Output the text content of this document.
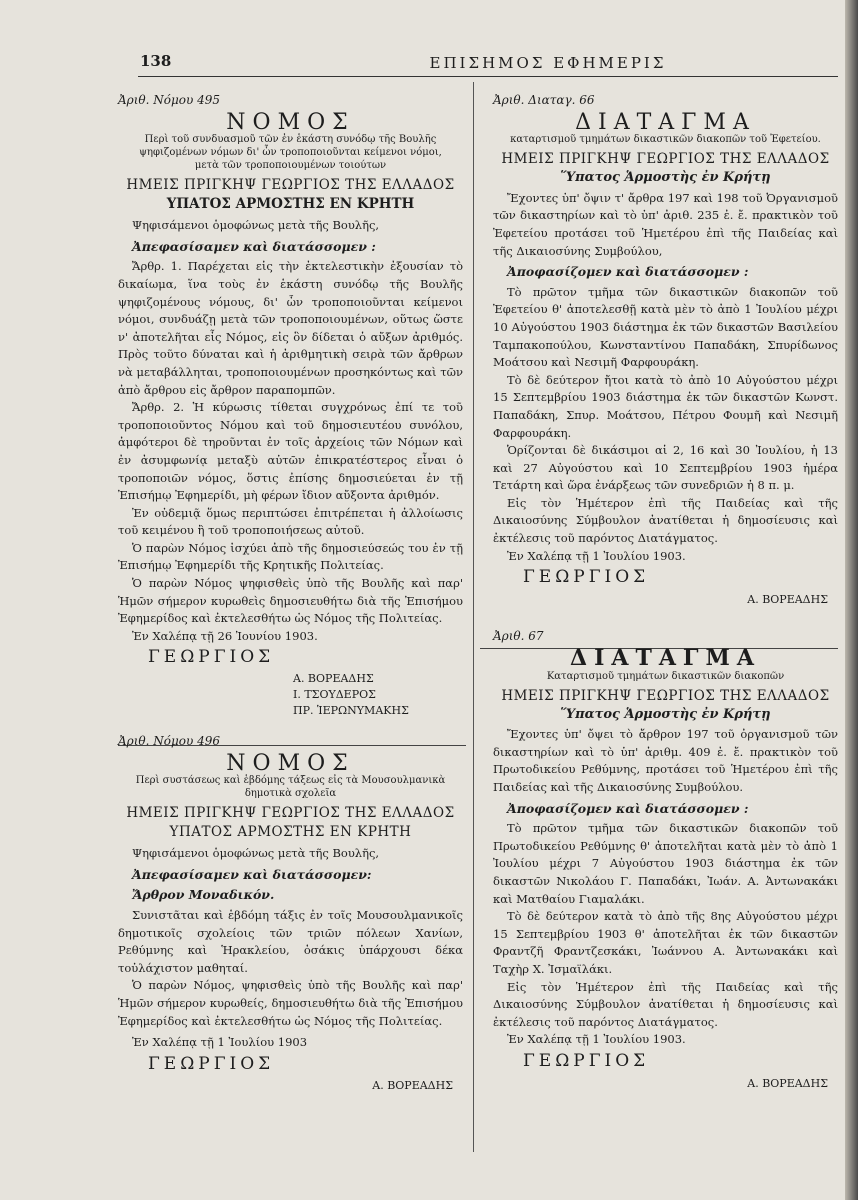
138	ΕΠΙΣΗΜΟΣ ΕΦΗΜΕΡΙΣ

Ἀριθ. Νόμου 495

ΝΟΜΟΣ
Περὶ τοῦ συνδυασμοῦ τῶν ἐν ἑκάστη συνόδῳ τῆς Βουλῆς ψηφιζομένων νόμων δι' ὧν τροποποιοῦνται κείμενοι νόμοι, μετὰ τῶν τροποποιουμένων τοιούτων

ΗΜΕΙΣ ΠΡΙΓΚΗΨ ΓΕΩΡΓΙΟΣ ΤΗΣ ΕΛΛΑΔΟΣ

ΥΠΑΤΟΣ ΑΡΜΟΣΤΗΣ ΕΝ ΚΡΗΤΗ

Ψηφισάμενοι ὁμοφώνως μετὰ τῆς Βουλῆς,

Ἀπεφασίσαμεν καὶ διατάσσομεν :

Ἄρθρ. 1. Παρέχεται εἰς τὴν ἐκτελεστικὴν ἐξουσίαν τὸ δικαίωμα, ἵνα τοὺς ἐν ἑκάστη συνόδῳ τῆς Βουλῆς ψηφιζομένους νόμους, δι' ὧν τροποποιοῦνται κείμενοι νόμοι, συνδυάζῃ μετὰ τῶν τροποποιουμένων, οὕτως ὥστε ν' ἀποτελῆται εἷς Νόμος, εἰς ὃν δίδεται ὁ αὔξων ἀριθμός. Πρὸς τοῦτο δύναται καὶ ἡ ἀριθμητικὴ σειρὰ τῶν ἄρθρων νὰ μεταβάλληται, τροποποιουμένων προσηκόντως καὶ τῶν ἀπὸ ἄρθρου εἰς ἄρθρον παραπομπῶν.

Ἄρθρ. 2. Ἡ κύρωσις τίθεται συγχρόνως ἐπί τε τοῦ τροποποιοῦντος Νόμου καὶ τοῦ δημοσιευτέου συνόλου, ἀμφότεροι δὲ τηροῦνται ἐν τοῖς ἀρχείοις τῶν Νόμων καὶ ἐν ἀσυμφωνίᾳ μεταξὺ αὐτῶν ἐπικρατέστερος εἶναι ὁ τροποποιῶν νόμος, ὅστις ἐπίσης δημοσιεύεται ἐν τῇ Ἐπισήμῳ Ἐφημερίδι, μὴ φέρων ἴδιον αὔξοντα ἀριθμόν.

Ἐν οὐδεμιᾷ ὅμως περιπτώσει ἐπιτρέπεται ἡ ἀλλοίωσις τοῦ κειμένου ἢ τοῦ τροποποιήσεως αὐτοῦ.

Ὁ παρὼν Νόμος ἰσχύει ἀπὸ τῆς δημοσιεύσεώς του ἐν τῇ Ἐπισήμῳ Ἐφημερίδι τῆς Κρητικῆς Πολιτείας.

Ὁ παρὼν Νόμος ψηφισθεὶς ὑπὸ τῆς Βουλῆς καὶ παρ' Ἡμῶν σήμερον κυρωθεὶς δημοσιευθήτω διὰ τῆς Ἐπισήμου Ἐφημερίδος καὶ ἐκτελεσθήτω ὡς Νόμος τῆς Πολιτείας.

Ἐν Χαλέπᾳ τῇ 26 Ἰουνίου 1903.

ΓΕΩΡΓΙΟΣ
Α. ΒΟΡΕΑΔΗΣ
Ι. ΤΣΟΥΔΕΡΟΣ
ΠΡ. ἹΕΡΩΝΥΜΑΚΗΣ

Ἀριθ. Νόμου 496

ΝΟΜΟΣ
Περὶ συστάσεως καὶ ἑβδόμης τάξεως εἰς τὰ Μουσουλμανικὰ δημοτικὰ σχολεῖα

ΗΜΕΙΣ ΠΡΙΓΚΗΨ ΓΕΩΡΓΙΟΣ ΤΗΣ ΕΛΛΑΔΟΣ

ΥΠΑΤΟΣ ΑΡΜΟΣΤΗΣ ΕΝ ΚΡΗΤΗ

Ψηφισάμενοι ὁμοφώνως μετὰ τῆς Βουλῆς,

Ἀπεφασίσαμεν καὶ διατάσσομεν:

Ἄρθρον Μοναδικόν.

Συνιστᾶται καὶ ἑβδόμη τάξις ἐν τοῖς Μουσουλμανικοῖς δημοτικοῖς σχολείοις τῶν τριῶν πόλεων Χανίων, Ρεθύμνης καὶ Ἡρακλείου, ὁσάκις ὑπάρχουσι δέκα τοὐλάχιστον μαθηταί.

Ὁ παρὼν Νόμος, ψηφισθεὶς ὑπὸ τῆς Βουλῆς καὶ παρ' Ἡμῶν σήμερον κυρωθείς, δημοσιευθήτω διὰ τῆς Ἐπισήμου Ἐφημερίδος καὶ ἐκτελεσθήτω ὡς Νόμος τῆς Πολιτείας.

Ἐν Χαλέπᾳ τῇ 1 Ἰουλίου 1903

ΓΕΩΡΓΙΟΣ
Α. ΒΟΡΕΑΔΗΣ

Ἀριθ. Διαταγ. 66

ΔΙΑΤΑΓΜΑ
καταρτισμοῦ τμημάτων δικαστικῶν διακοπῶν τοῦ Ἐφετείου.

ΗΜΕΙΣ ΠΡΙΓΚΗΨ ΓΕΩΡΓΙΟΣ ΤΗΣ ΕΛΛΑΔΟΣ

Ὕπατος Ἁρμοστὴς ἐν Κρήτῃ

Ἔχοντες ὑπ' ὄψιν τ' ἄρθρα 197 καὶ 198 τοῦ Ὀργανισμοῦ τῶν δικαστηρίων καὶ τὸ ὑπ' ἀριθ. 235 ἐ. ἔ. πρακτικὸν τοῦ Ἐφετείου προτάσει τοῦ Ἡμετέρου ἐπὶ τῆς Παιδείας καὶ τῆς Δικαιοσύνης Συμβούλου,

Ἀποφασίζομεν καὶ διατάσσομεν :

Τὸ πρῶτον τμῆμα τῶν δικαστικῶν διακοπῶν τοῦ Ἐφετείου θ' ἀποτελεσθῇ κατὰ μὲν τὸ ἀπὸ 1 Ἰουλίου μέχρι 10 Αὐγούστου 1903 διάστημα ἐκ τῶν δικαστῶν Βασιλείου Ταμπακοπούλου, Κωνσταντίνου Παπαδάκη, Σπυρίδωνος Μοάτσου καὶ Νεσιμῆ Φαρφουράκη.

Τὸ δὲ δεύτερον ἤτοι κατὰ τὸ ἀπὸ 10 Αὐγούστου μέχρι 15 Σεπτεμβρίου 1903 διάστημα ἐκ τῶν δικαστῶν Κωνστ. Παπαδάκη, Σπυρ. Μοάτσου, Πέτρου Φουμῆ καὶ Νεσιμῆ Φαρφουράκη.

Ὁρίζονται δὲ δικάσιμοι αἱ 2, 16 καὶ 30 Ἰουλίου, ἡ 13 καὶ 27 Αὐγούστου καὶ 10 Σεπτεμβρίου 1903 ἡμέρα Τετάρτη καὶ ὥρα ἐνάρξεως τῶν συνεδριῶν ἡ 8 π. μ.

Εἰς τὸν Ἡμέτερον ἐπὶ τῆς Παιδείας καὶ τῆς Δικαιοσύνης Σύμβουλον ἀνατίθεται ἡ δημοσίευσις καὶ ἐκτέλεσις τοῦ παρόντος Διατάγματος.

Ἐν Χαλέπᾳ τῇ 1 Ἰουλίου 1903.

ΓΕΩΡΓΙΟΣ
Α. ΒΟΡΕΑΔΗΣ

Ἀριθ. 67

ΔΙΑΤΑΓΜΑ
Καταρτισμοῦ τμημάτων δικαστικῶν διακοπῶν

ΗΜΕΙΣ ΠΡΙΓΚΗΨ ΓΕΩΡΓΙΟΣ ΤΗΣ ΕΛΛΑΔΟΣ

Ὕπατος Ἁρμοστὴς ἐν Κρήτῃ

Ἔχοντες ὑπ' ὄψει τὸ ἄρθρον 197 τοῦ ὀργανισμοῦ τῶν δικαστηρίων καὶ τὸ ὑπ' ἀριθμ. 409 ἐ. ἔ. πρακτικὸν τοῦ Πρωτοδικείου Ρεθύμνης, προτάσει τοῦ Ἡμετέρου ἐπὶ τῆς Παιδείας καὶ τῆς Δικαιοσύνης Συμβούλου.

Ἀποφασίζομεν καὶ διατάσσομεν :

Τὸ πρῶτον τμῆμα τῶν δικαστικῶν διακοπῶν τοῦ Πρωτοδικείου Ρεθύμνης θ' ἀποτελῆται κατὰ μὲν τὸ ἀπὸ 1 Ἰουλίου μέχρι 7 Αὐγούστου 1903 διάστημα ἐκ τῶν δικαστῶν Νικολάου Γ. Παπαδάκι, Ἰωάν. Α. Ἀντωνακάκι καὶ Ματθαίου Γιαμαλάκι.

Τὸ δὲ δεύτερον κατὰ τὸ ἀπὸ τῆς 8ης Αὐγούστου μέχρι 15 Σεπτεμβρίου 1903 θ' ἀποτελῆται ἐκ τῶν δικαστῶν Φραντζῆ Φραντζεσκάκι, Ἰωάννου Α. Ἀντωνακάκι καὶ Ταχὴρ Χ. Ἰσμαϊλάκι.

Εἰς τὸν Ἡμέτερον ἐπὶ τῆς Παιδείας καὶ τῆς Δικαιοσύνης Σύμβουλον ἀνατίθεται ἡ δημοσίευσις καὶ ἐκτέλεσις τοῦ παρόντος Διατάγματος.

Ἐν Χαλέπᾳ τῇ 1 Ἰουλίου 1903.

ΓΕΩΡΓΙΟΣ
Α. ΒΟΡΕΑΔΗΣ
